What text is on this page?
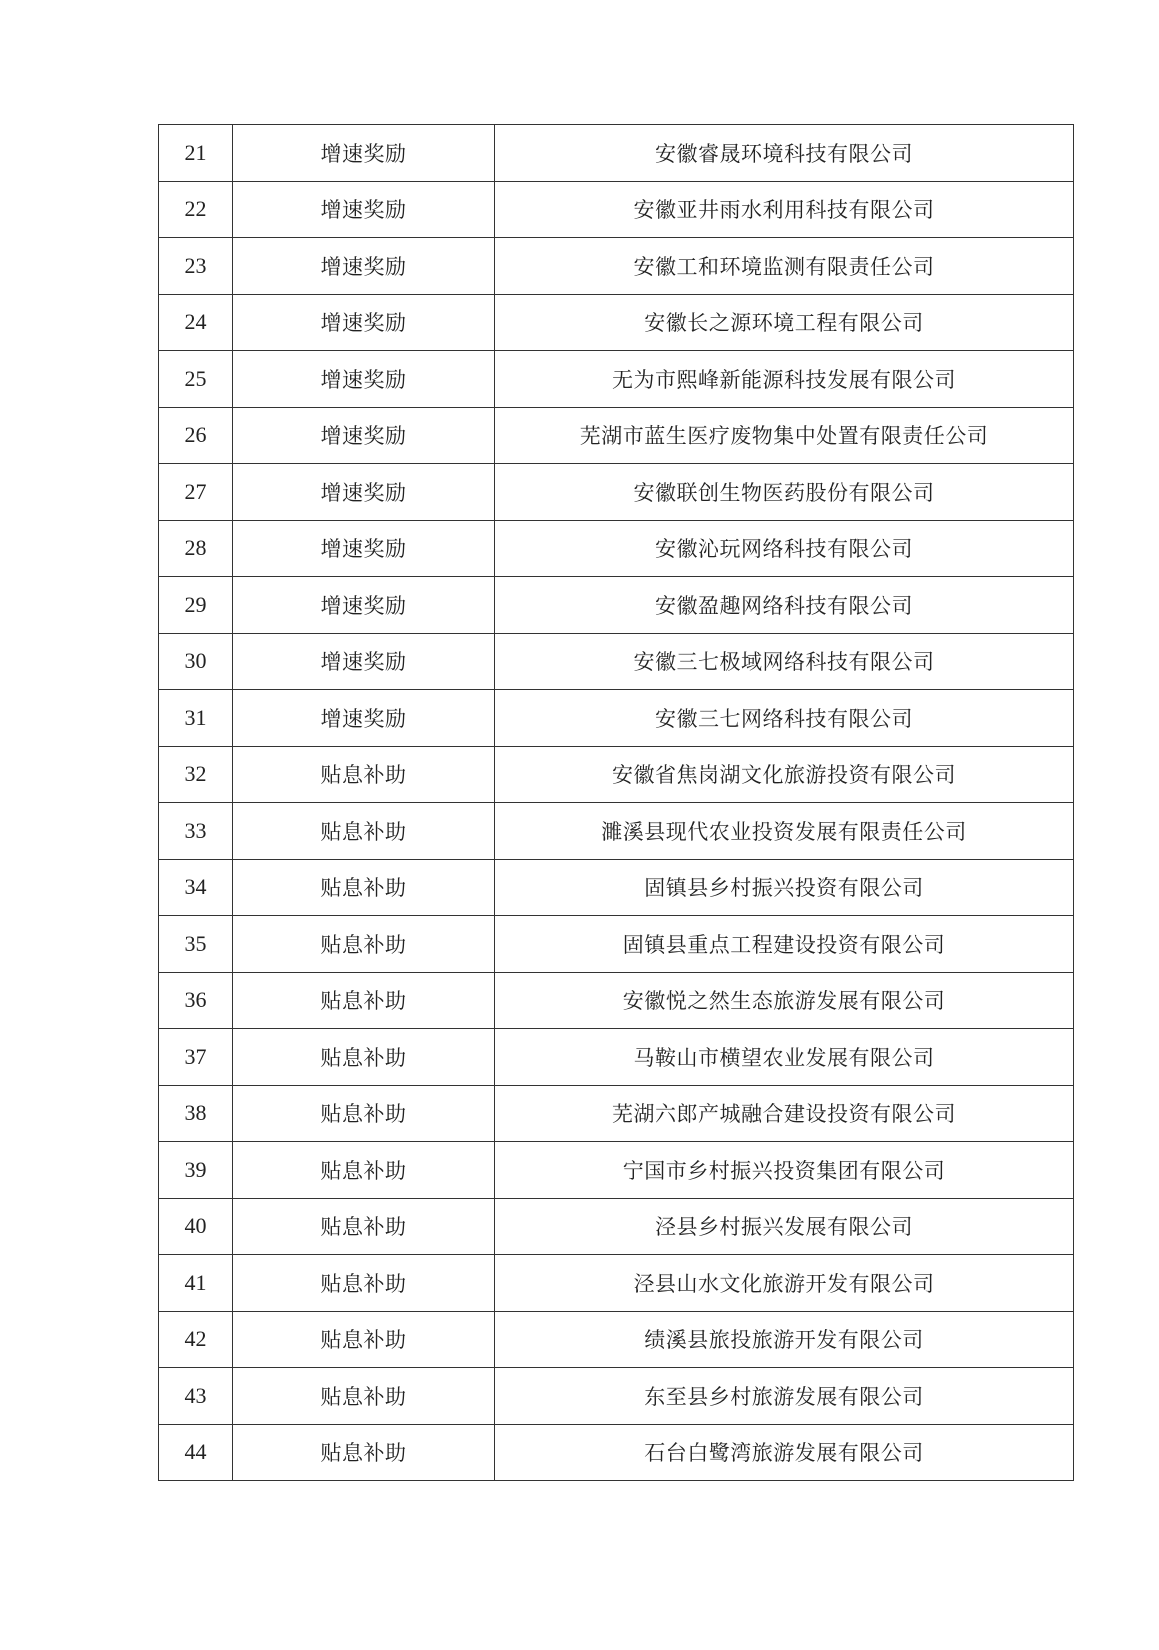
21	增速奖励	安徽睿晟环境科技有限公司
22	增速奖励	安徽亚井雨水利用科技有限公司
23	增速奖励	安徽工和环境监测有限责任公司
24	增速奖励	安徽长之源环境工程有限公司
25	增速奖励	无为市熙峰新能源科技发展有限公司
26	增速奖励	芜湖市蓝生医疗废物集中处置有限责任公司
27	增速奖励	安徽联创生物医药股份有限公司
28	增速奖励	安徽沁玩网络科技有限公司
29	增速奖励	安徽盈趣网络科技有限公司
30	增速奖励	安徽三七极域网络科技有限公司
31	增速奖励	安徽三七网络科技有限公司
32	贴息补助	安徽省焦岗湖文化旅游投资有限公司
33	贴息补助	濉溪县现代农业投资发展有限责任公司
34	贴息补助	固镇县乡村振兴投资有限公司
35	贴息补助	固镇县重点工程建设投资有限公司
36	贴息补助	安徽悦之然生态旅游发展有限公司
37	贴息补助	马鞍山市横望农业发展有限公司
38	贴息补助	芜湖六郎产城融合建设投资有限公司
39	贴息补助	宁国市乡村振兴投资集团有限公司
40	贴息补助	泾县乡村振兴发展有限公司
41	贴息补助	泾县山水文化旅游开发有限公司
42	贴息补助	绩溪县旅投旅游开发有限公司
43	贴息补助	东至县乡村旅游发展有限公司
44	贴息补助	石台白鹭湾旅游发展有限公司
